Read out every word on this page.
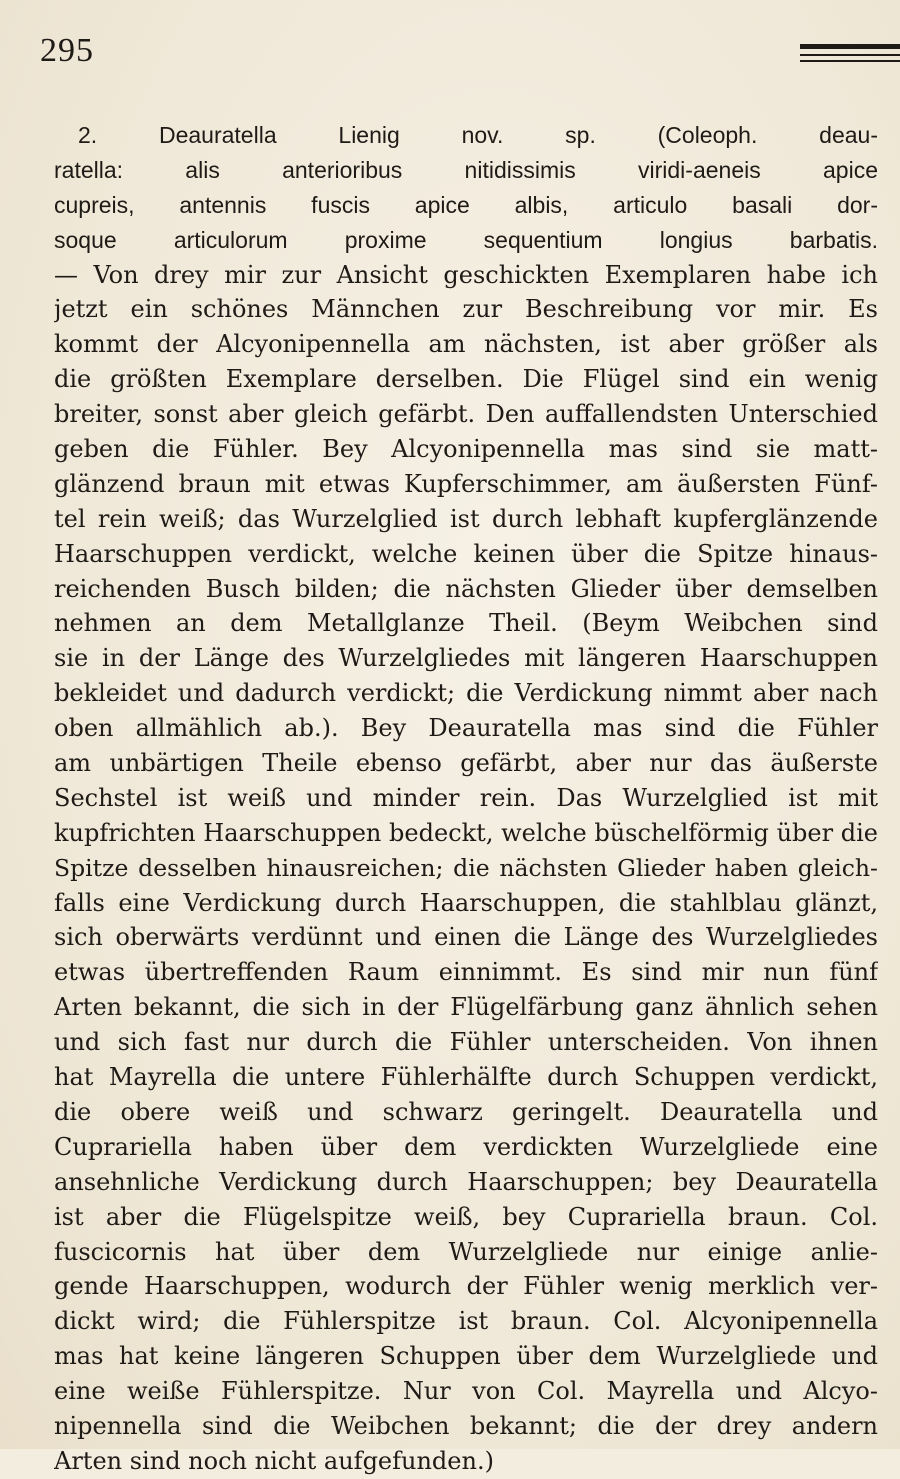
295
2. Deauratella Lienig nov. sp. (Coleoph. deau-
ratella: alis anterioribus nitidissimis viridi-aeneis apice
cupreis, antennis fuscis apice albis, articulo basali dor-
soque articulorum proxime sequentium longius barbatis.
— Von drey mir zur Ansicht geschickten Exemplaren habe ich
jetzt ein schönes Männchen zur Beschreibung vor mir. Es
kommt der Alcyonipennella am nächsten, ist aber größer als
die größten Exemplare derselben. Die Flügel sind ein wenig
breiter, sonst aber gleich gefärbt. Den auffallendsten Unterschied
geben die Fühler. Bey Alcyonipennella mas sind sie matt-
glänzend braun mit etwas Kupferschimmer, am äußersten Fünf-
tel rein weiß; das Wurzelglied ist durch lebhaft kupferglänzende
Haarschuppen verdickt, welche keinen über die Spitze hinaus-
reichenden Busch bilden; die nächsten Glieder über demselben
nehmen an dem Metallglanze Theil. (Beym Weibchen sind
sie in der Länge des Wurzelgliedes mit längeren Haarschuppen
bekleidet und dadurch verdickt; die Verdickung nimmt aber nach
oben allmählich ab.). Bey Deauratella mas sind die Fühler
am unbärtigen Theile ebenso gefärbt, aber nur das äußerste
Sechstel ist weiß und minder rein. Das Wurzelglied ist mit
kupfrichten Haarschuppen bedeckt, welche büschelförmig über die
Spitze desselben hinausreichen; die nächsten Glieder haben gleich-
falls eine Verdickung durch Haarschuppen, die stahlblau glänzt,
sich oberwärts verdünnt und einen die Länge des Wurzelgliedes
etwas übertreffenden Raum einnimmt. Es sind mir nun fünf
Arten bekannt, die sich in der Flügelfärbung ganz ähnlich sehen
und sich fast nur durch die Fühler unterscheiden. Von ihnen
hat Mayrella die untere Fühlerhälfte durch Schuppen verdickt,
die obere weiß und schwarz geringelt. Deauratella und
Cuprariella haben über dem verdickten Wurzelgliede eine
ansehnliche Verdickung durch Haarschuppen; bey Deauratella
ist aber die Flügelspitze weiß, bey Cuprariella braun. Col.
fuscicornis hat über dem Wurzelgliede nur einige anlie-
gende Haarschuppen, wodurch der Fühler wenig merklich ver-
dickt wird; die Fühlerspitze ist braun. Col. Alcyonipennella
mas hat keine längeren Schuppen über dem Wurzelgliede und
eine weiße Fühlerspitze. Nur von Col. Mayrella und Alcyo-
nipennella sind die Weibchen bekannt; die der drey andern
Arten sind noch nicht aufgefunden.)
